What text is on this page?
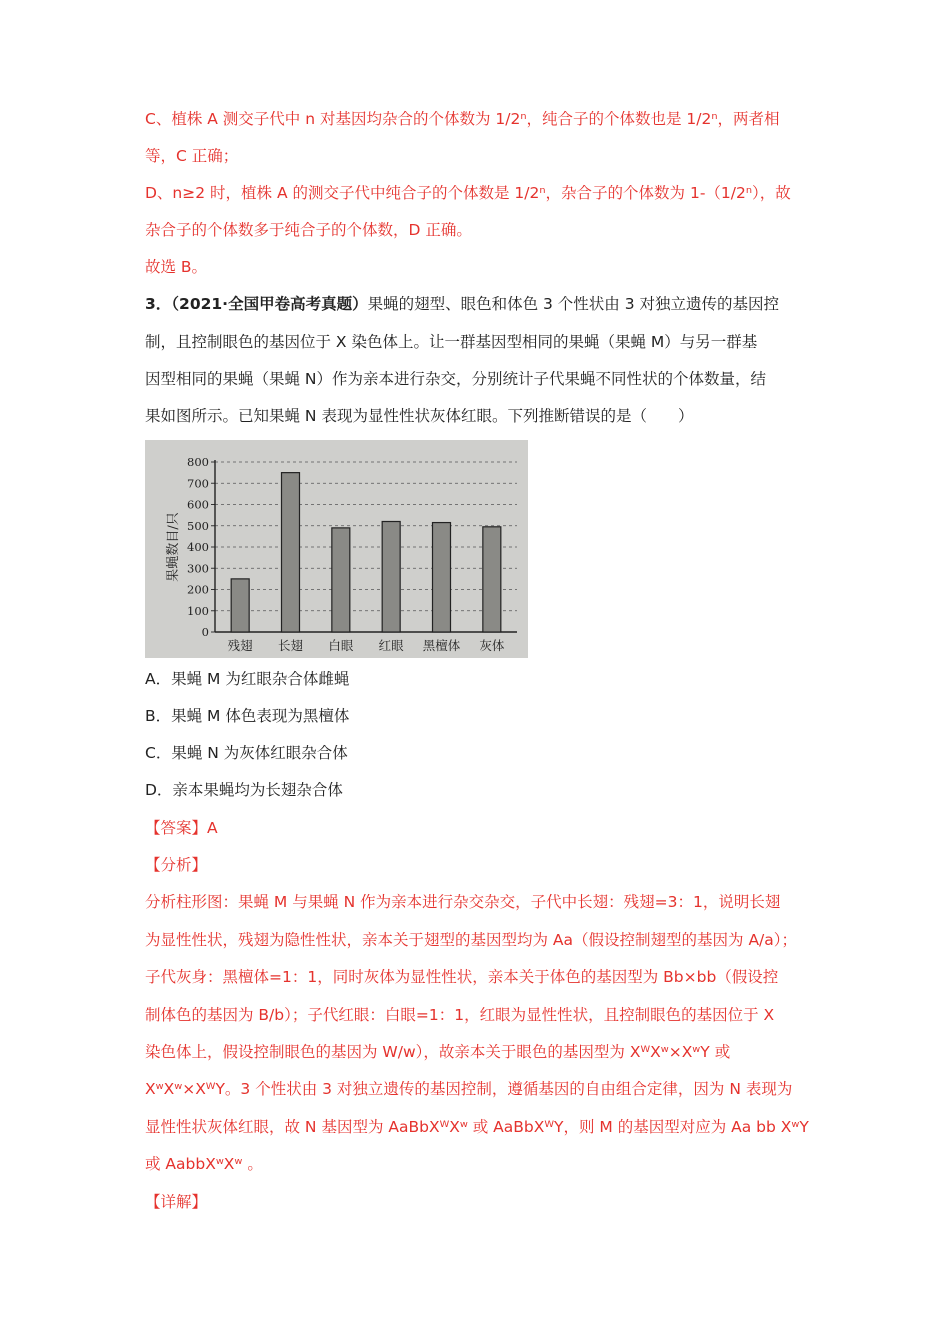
C、植株 A 测交子代中 n 对基因均杂合的个体数为 1/2ⁿ，纯合子的个体数也是 1/2ⁿ，两者相
等，C 正确；
D、n≥2 时，植株 A 的测交子代中纯合子的个体数是 1/2ⁿ，杂合子的个体数为 1-（1/2ⁿ），故
杂合子的个体数多于纯合子的个体数，D 正确。
故选 B。
3．（2021·全国甲卷高考真题）果蝇的翅型、眼色和体色 3 个性状由 3 对独立遗传的基因控
制，且控制眼色的基因位于 X 染色体上。让一群基因型相同的果蝇（果蝇 M）与另一群基
因型相同的果蝇（果蝇 N）作为亲本进行杂交，分别统计子代果蝇不同性状的个体数量，结
果如图所示。已知果蝇 N 表现为显性性状灰体红眼。下列推断错误的是（　　）
0
100
200
300
400
500
600
700
800
果蝇数目/只
残翅 长翅 白眼 红眼 黑檀体 灰体
A．果蝇 M 为红眼杂合体雌蝇
B．果蝇 M 体色表现为黑檀体
C．果蝇 N 为灰体红眼杂合体
D．亲本果蝇均为长翅杂合体
【答案】A
【分析】
分析柱形图：果蝇 M 与果蝇 N 作为亲本进行杂交杂交，子代中长翅：残翅=3：1，说明长翅
为显性性状，残翅为隐性性状，亲本关于翅型的基因型均为 Aa（假设控制翅型的基因为 A/a）；
子代灰身：黑檀体=1：1，同时灰体为显性性状，亲本关于体色的基因型为 Bb×bb（假设控
制体色的基因为 B/b）；子代红眼：白眼=1：1，红眼为显性性状，且控制眼色的基因位于 X
染色体上，假设控制眼色的基因为 W/w），故亲本关于眼色的基因型为 XᵂXʷ×XʷY 或
XʷXʷ×XᵂY。3 个性状由 3 对独立遗传的基因控制，遵循基因的自由组合定律，因为 N 表现为
显性性状灰体红眼，故 N 基因型为 AaBbXᵂXʷ 或 AaBbXᵂY，则 M 的基因型对应为 Aa bb XʷY
或 AabbXʷXʷ 。
【详解】
